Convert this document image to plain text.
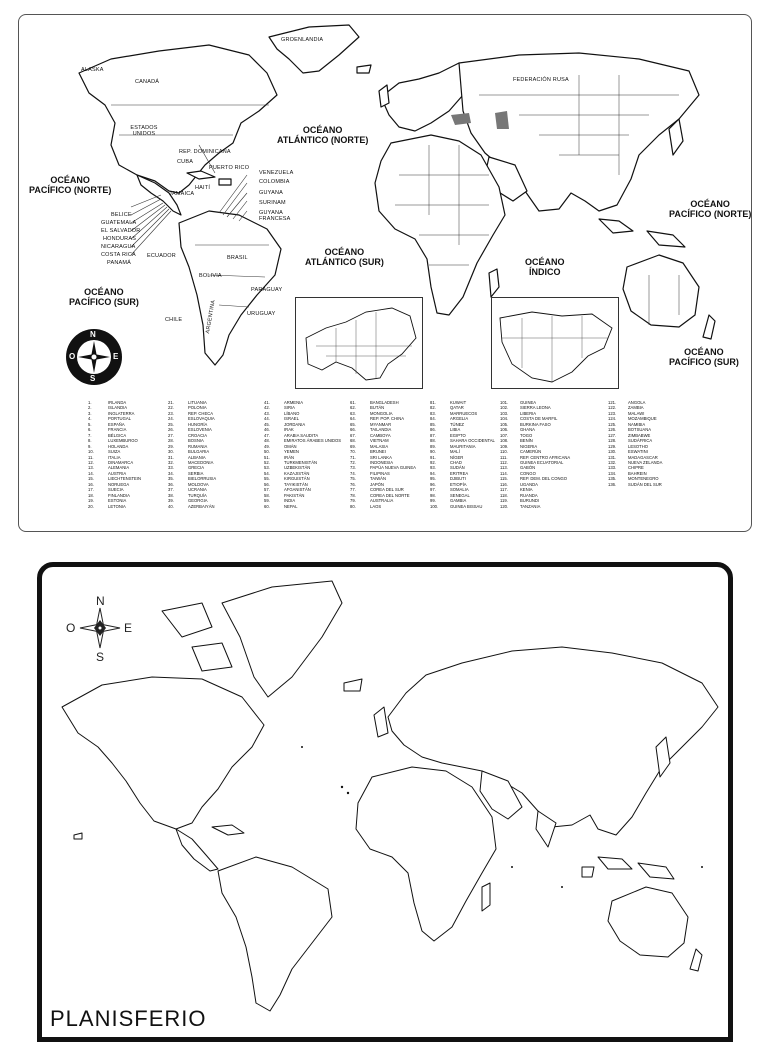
OCÉANO
ATLÁNTICO (NORTE)
OCÉANO
PACÍFICO (NORTE)
OCÉANO
PACÍFICO (NORTE)
OCÉANO
ATLÁNTICO (SUR)	OCÉANO
ÍNDICO
OCÉANO
PACÍFICO (SUR)
OCÉANO
PACÍFICO (SUR)
GROENLANDIA
ALASKA
CANADÁ
ESTADOS UNIDOS
REP. DOMINICANA
CUBA
PUERTO RICO
HAITÍ
JAMAICA
VENEZUELA
COLOMBIA
GUYANA
SURINAM
GUYANA FRANCESA
BELICE
GUATEMALA
EL SALVADOR
HONDURAS
NICARAGUA
COSTA RICA
PANAMÁ
ECUADOR	BRASIL
BOLIVIA
PARAGUAY
CHILE	ARGENTINA	URUGUAY
FEDERACIÓN RUSA
N
S
E
O
1.	IRLANDA
2.	ISLANDIA
3.	INGLATERRA
4.	PORTUGAL
5.	ESPAÑA
6.	FRANCIA
7.	BÉLGICA
8.	LUXEMBURGO
9.	HOLANDA
10.	SUIZA
11.	ITALIA
12.	DINAMARCA
13.	ALEMANIA
14.	AUSTRIA
15.	LIECHTENSTEIN
16.	NORUEGA
17.	SUECIA
18.	FINLANDIA
19.	ESTONIA
20.	LETONIA
21.	LITUANIA
22.	POLONIA
23.	REP. CHECA
24.	ESLOVAQUIA
25.	HUNGRÍA
26.	ESLOVENIA
27.	CROACIA
28.	BOSNIA
29.	RUMANIA
30.	BULGARIA
31.	ALBANIA
32.	MACEDONIA
33.	GRECIA
34.	SERBIA
35.	BIELORRUSIA
36.	MOLDOVA
37.	UCRANIA
38.	TURQUÍA
39.	GEORGIA
40.	AZERBAIYÁN
41.	ARMENIA
42.	SIRIA
43.	LÍBANO
44.	ISRAEL
45.	JORDANIA
46.	IRAK
47.	ARABIA SAUDITA
48.	EMIRATOS ÁRABES UNIDOS
49.	OMÁN
50.	YEMEN
51.	IRÁN
52.	TURKMENISTÁN
53.	UZBEKISTÁN
54.	KAZAJISTÁN
55.	KIRGUISTÁN
56.	TAYIKISTÁN
57.	AFGANISTÁN
58.	PAKISTÁN
59.	INDIA
60.	NEPAL
61.	BANGLADESH
62.	BUTÁN
63.	MONGOLIA
64.	REP. POP. CHINA
65.	MYANMAR
66.	TAILANDIA
67.	CAMBOYA
68.	VIETNAM
69.	MALASIA
70.	BRUNEI
71.	SRI LANKA
72.	INDONESIA
73.	PAPÚA NUEVA GUINEA
74.	FILIPINAS
75.	TAIWÁN
76.	JAPÓN
77.	COREA DEL SUR
78.	COREA DEL NORTE
79.	AUSTRALIA
80.	LAOS
81.	KUWAIT
82.	QATAR
83.	MARRUECOS
84.	ARGELIA
85.	TÚNEZ
86.	LIBIA
87.	EGIPTO
88.	SAHARA OCCIDENTAL
89.	MAURITANIA
90.	MALÍ
91.	NÍGER
92.	CHAD
93.	SUDÁN
94.	ERITREA
95.	DJIBUTI
96.	ETIOPÍA
97.	SOMALIA
98.	SENEGAL
99.	GAMBIA
100.	GUINEA BISSAU
101.	GUINEA
102.	SIERRA LEONA
103.	LIBERIA
104.	COSTA DE MARFIL
105.	BURKINA FASO
106.	GHANA
107.	TOGO
108.	BENÍN
109.	NIGERIA
110.	CAMERÚN
111.	REP. CENTRO AFRICANA
112.	GUINEA ECUATORIAL
113.	GABÓN
114.	CONGO
115.	REP. DEM. DEL CONGO
116.	UGANDA
117.	KENIA
118.	RUANDA
119.	BURUNDI
120.	TANZANIA
121.	ANGOLA
122.	ZAMBIA
123.	MALAWI
124.	MOZAMBIQUE
125.	NAMIBIA
126.	BOTSUANA
127.	ZIMBABWE
128.	SUDÁFRICA
129.	LESOTHO
130.	ESWATINI
131.	MADAGASCAR
132.	NUEVA ZELANDA
133.	CHIPRE
134.	BAHREIN
135.	MONTENEGRO
136.	SUDÁN DEL SUR
N
S
E
O
PLANISFERIO
